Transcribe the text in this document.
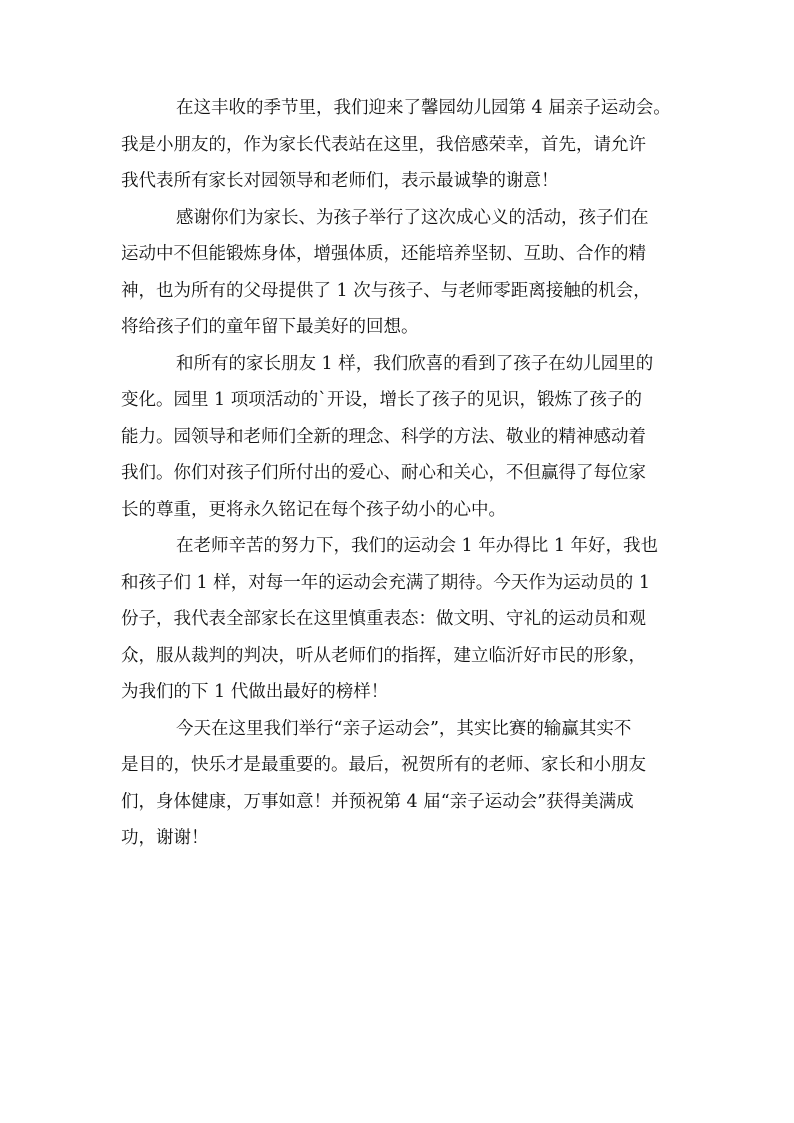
在这丰收的季节里，我们迎来了馨园幼儿园第 4 届亲子运动会。
我是小朋友的，作为家长代表站在这里，我倍感荣幸，首先，请允许
我代表所有家长对园领导和老师们，表示最诚挚的谢意！
感谢你们为家长、为孩子举行了这次成心义的活动，孩子们在
运动中不但能锻炼身体，增强体质，还能培养坚韧、互助、合作的精
神，也为所有的父母提供了 1 次与孩子、与老师零距离接触的机会，
将给孩子们的童年留下最美好的回想。
和所有的家长朋友 1 样，我们欣喜的看到了孩子在幼儿园里的
变化。园里 1 项项活动的`开设，增长了孩子的见识，锻炼了孩子的
能力。园领导和老师们全新的理念、科学的方法、敬业的精神感动着
我们。你们对孩子们所付出的爱心、耐心和关心，不但赢得了每位家
长的尊重，更将永久铭记在每个孩子幼小的心中。
在老师辛苦的努力下，我们的运动会 1 年办得比 1 年好，我也
和孩子们 1 样，对每一年的运动会充满了期待。今天作为运动员的 1
份子，我代表全部家长在这里慎重表态：做文明、守礼的运动员和观
众，服从裁判的判决，听从老师们的指挥，建立临沂好市民的形象，
为我们的下 1 代做出最好的榜样！
今天在这里我们举行“亲子运动会”，其实比赛的输赢其实不
是目的，快乐才是最重要的。最后，祝贺所有的老师、家长和小朋友
们，身体健康，万事如意！并预祝第 4 届“亲子运动会”获得美满成
功，谢谢！
